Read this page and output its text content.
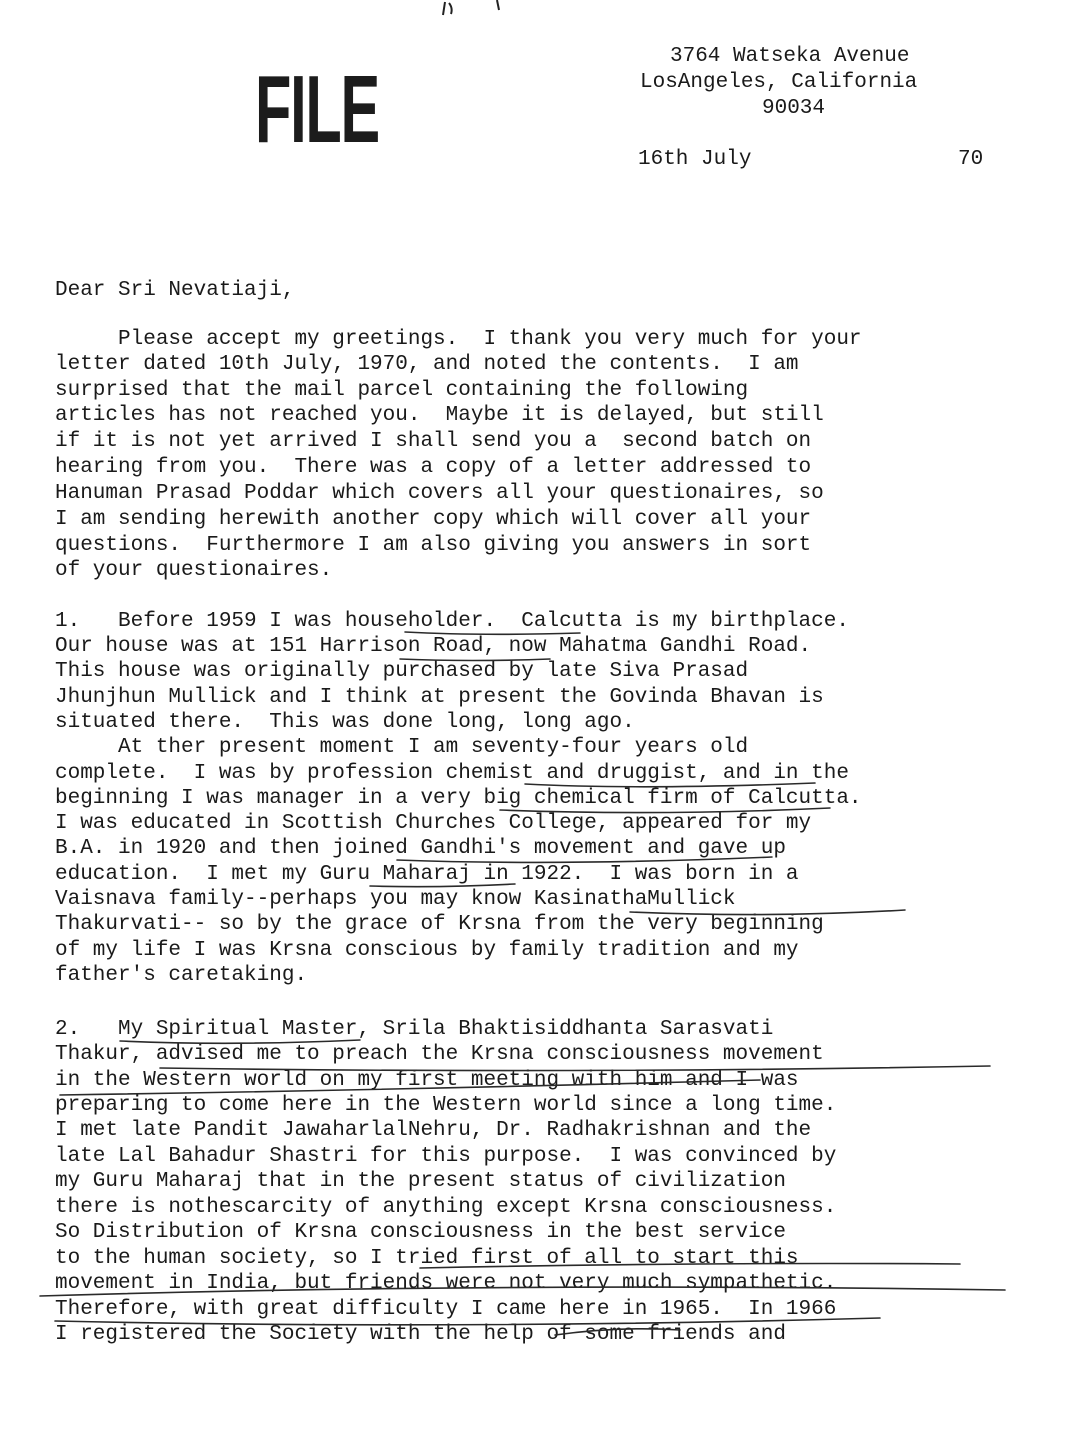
FILE	3764 Watseka Avenue
LosAngeles, California
90034
16th July	70
Dear Sri Nevatiaji,
Please accept my greetings.  I thank you very much for your
letter dated 10th July, 1970, and noted the contents.  I am
surprised that the mail parcel containing the following
articles has not reached you.  Maybe it is delayed, but still
if it is not yet arrived I shall send you a  second batch on
hearing from you.  There was a copy of a letter addressed to
Hanuman Prasad Poddar which covers all your questionaires, so
I am sending herewith another copy which will cover all your
questions.  Furthermore I am also giving you answers in sort
of your questionaires.
1.   Before 1959 I was householder.  Calcutta is my birthplace.
Our house was at 151 Harrison Road, now Mahatma Gandhi Road.
This house was originally purchased by late Siva Prasad
Jhunjhun Mullick and I think at present the Govinda Bhavan is
situated there.  This was done long, long ago.
At ther present moment I am seventy-four years old
complete.  I was by profession chemist and druggist, and in the
beginning I was manager in a very big chemical firm of Calcutta.
I was educated in Scottish Churches College, appeared for my
B.A. in 1920 and then joined Gandhi's movement and gave up
education.  I met my Guru Maharaj in 1922.  I was born in a
Vaisnava family--perhaps you may know KasinathaMullick
Thakurvati-- so by the grace of Krsna from the very beginning
of my life I was Krsna conscious by family tradition and my
father's caretaking.
2.   My Spiritual Master, Srila Bhaktisiddhanta Sarasvati
Thakur, advised me to preach the Krsna consciousness movement
in the Western world on my first meeting with him and I was
preparing to come here in the Western world since a long time.
I met late Pandit JawaharlalNehru, Dr. Radhakrishnan and the
late Lal Bahadur Shastri for this purpose.  I was convinced by
my Guru Maharaj that in the present status of civilization
there is nothescarcity of anything except Krsna consciousness.
So Distribution of Krsna consciousness in the best service
to the human society, so I tried first of all to start this
movement in India, but friends were not very much sympathetic.
Therefore, with great difficulty I came here in 1965.  In 1966
I registered the Society with the help of some friends and
